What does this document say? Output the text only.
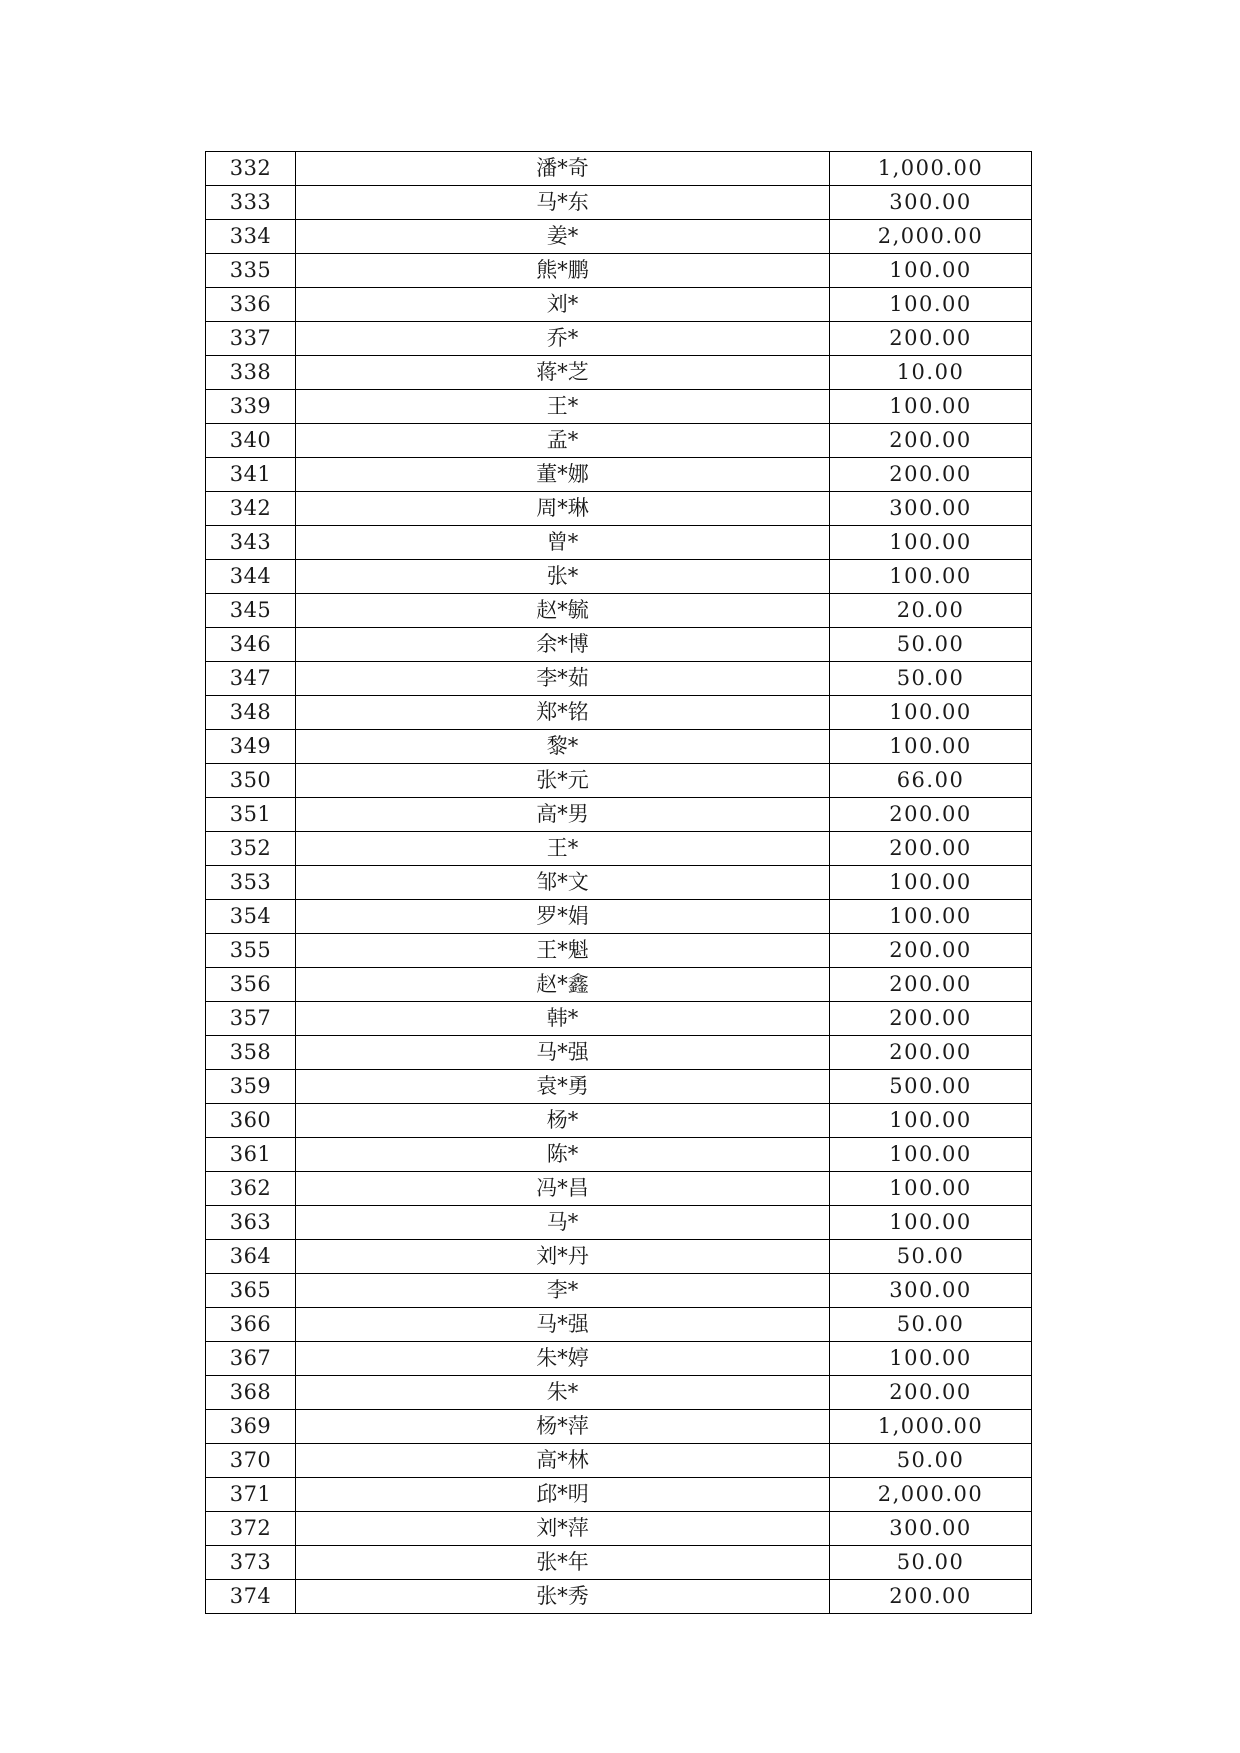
332	潘*奇	1,000.00
333	马*东	300.00
334	姜*	2,000.00
335	熊*鹏	100.00
336	刘*	100.00
337	乔*	200.00
338	蒋*芝	10.00
339	王*	100.00
340	孟*	200.00
341	董*娜	200.00
342	周*琳	300.00
343	曾*	100.00
344	张*	100.00
345	赵*毓	20.00
346	余*博	50.00
347	李*茹	50.00
348	郑*铭	100.00
349	黎*	100.00
350	张*元	66.00
351	高*男	200.00
352	王*	200.00
353	邹*文	100.00
354	罗*娟	100.00
355	王*魁	200.00
356	赵*鑫	200.00
357	韩*	200.00
358	马*强	200.00
359	袁*勇	500.00
360	杨*	100.00
361	陈*	100.00
362	冯*昌	100.00
363	马*	100.00
364	刘*丹	50.00
365	李*	300.00
366	马*强	50.00
367	朱*婷	100.00
368	朱*	200.00
369	杨*萍	1,000.00
370	高*林	50.00
371	邱*明	2,000.00
372	刘*萍	300.00
373	张*年	50.00
374	张*秀	200.00
